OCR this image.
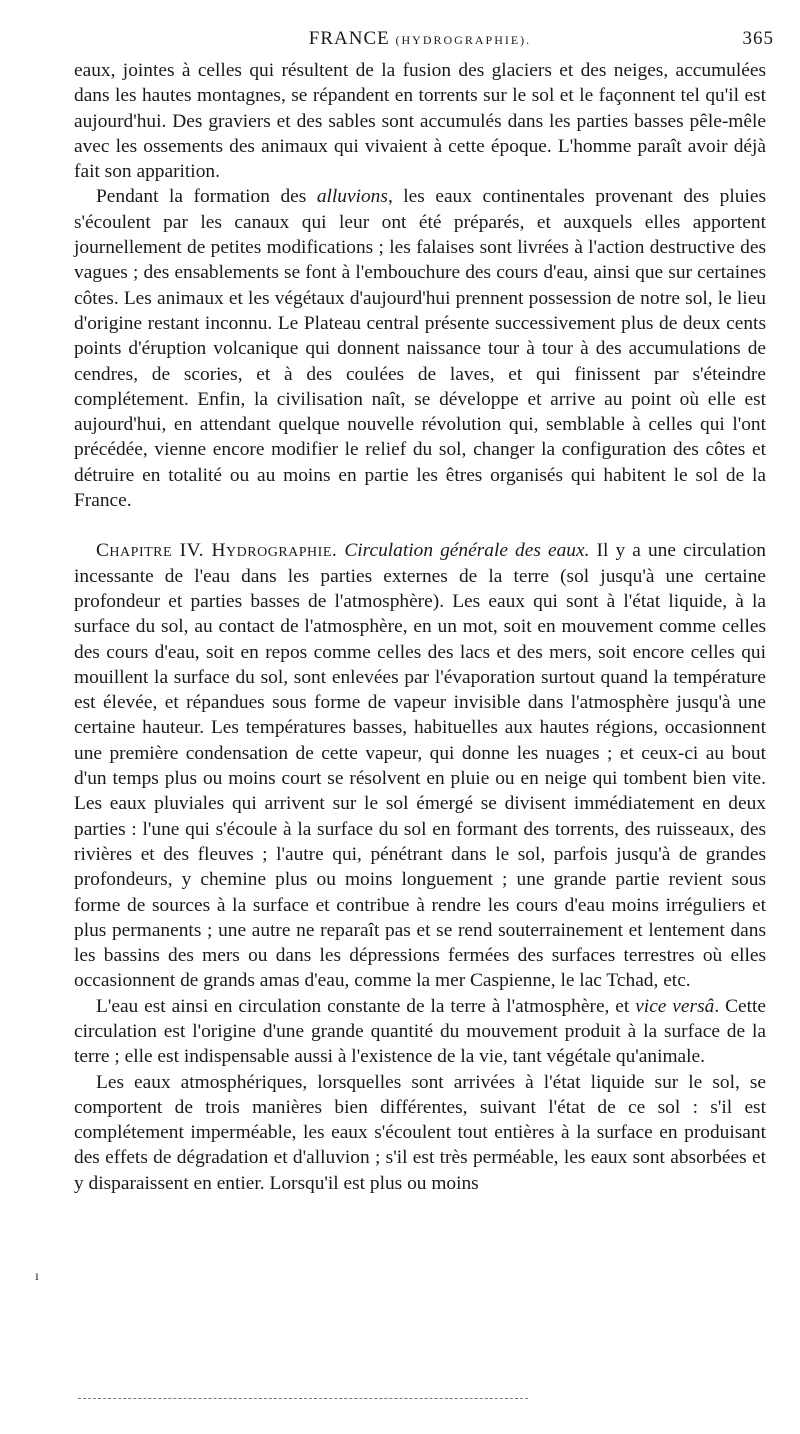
FRANCE (HYDROGRAPHIE).	365

eaux, jointes à celles qui résultent de la fusion des glaciers et des neiges, accumulées dans les hautes montagnes, se répandent en torrents sur le sol et le façonnent tel qu'il est aujourd'hui. Des graviers et des sables sont accumulés dans les parties basses pêle-mêle avec les ossements des animaux qui vivaient à cette époque. L'homme paraît avoir déjà fait son apparition.

Pendant la formation des alluvions, les eaux continentales provenant des pluies s'écoulent par les canaux qui leur ont été préparés, et auxquels elles apportent journellement de petites modifications ; les falaises sont livrées à l'action destructive des vagues ; des ensablements se font à l'embouchure des cours d'eau, ainsi que sur certaines côtes. Les animaux et les végétaux d'aujourd'hui prennent possession de notre sol, le lieu d'origine restant inconnu. Le Plateau central présente successivement plus de deux cents points d'éruption volcanique qui donnent naissance tour à tour à des accumulations de cendres, de scories, et à des coulées de laves, et qui finissent par s'éteindre complétement. Enfin, la civilisation naît, se développe et arrive au point où elle est aujourd'hui, en attendant quelque nouvelle révolution qui, semblable à celles qui l'ont précédée, vienne encore modifier le relief du sol, changer la configuration des côtes et détruire en totalité ou au moins en partie les êtres organisés qui habitent le sol de la France.

Chapitre IV. Hydrographie. Circulation générale des eaux. Il y a une circulation incessante de l'eau dans les parties externes de la terre (sol jusqu'à une certaine profondeur et parties basses de l'atmosphère). Les eaux qui sont à l'état liquide, à la surface du sol, au contact de l'atmosphère, en un mot, soit en mouvement comme celles des cours d'eau, soit en repos comme celles des lacs et des mers, soit encore celles qui mouillent la surface du sol, sont enlevées par l'évaporation surtout quand la température est élevée, et répandues sous forme de vapeur invisible dans l'atmosphère jusqu'à une certaine hauteur. Les températures basses, habituelles aux hautes régions, occasionnent une première condensation de cette vapeur, qui donne les nuages ; et ceux-ci au bout d'un temps plus ou moins court se résolvent en pluie ou en neige qui tombent bien vite. Les eaux pluviales qui arrivent sur le sol émergé se divisent immédiatement en deux parties : l'une qui s'écoule à la surface du sol en formant des torrents, des ruisseaux, des rivières et des fleuves ; l'autre qui, pénétrant dans le sol, parfois jusqu'à de grandes profondeurs, y chemine plus ou moins longuement ; une grande partie revient sous forme de sources à la surface et contribue à rendre les cours d'eau moins irréguliers et plus permanents ; une autre ne reparaît pas et se rend souterrainement et lentement dans les bassins des mers ou dans les dépressions fermées des surfaces terrestres où elles occasionnent de grands amas d'eau, comme la mer Caspienne, le lac Tchad, etc.

L'eau est ainsi en circulation constante de la terre à l'atmosphère, et vice versâ. Cette circulation est l'origine d'une grande quantité du mouvement produit à la surface de la terre ; elle est indispensable aussi à l'existence de la vie, tant végétale qu'animale.

Les eaux atmosphériques, lorsquelles sont arrivées à l'état liquide sur le sol, se comportent de trois manières bien différentes, suivant l'état de ce sol : s'il est complétement imperméable, les eaux s'écoulent tout entières à la surface en produisant des effets de dégradation et d'alluvion ; s'il est très perméable, les eaux sont absorbées et y disparaissent en entier. Lorsqu'il est plus ou moins

ı
